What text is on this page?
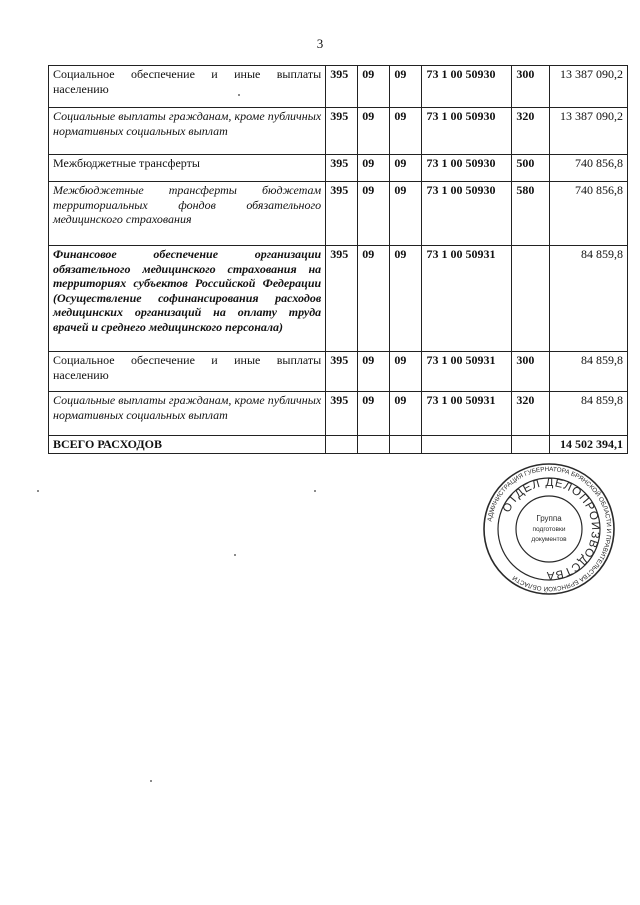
3
Социальное обеспечение и иные выплаты населению	395	09	09	73 1 00 50930	300	13 387 090,2
Социальные выплаты гражданам, кроме публичных нормативных социальных выплат	395	09	09	73 1 00 50930	320	13 387 090,2
Межбюджетные трансферты	395	09	09	73 1 00 50930	500	740 856,8
Межбюджетные трансферты бюджетам территориальных фондов обязательного медицинского страхования	395	09	09	73 1 00 50930	580	740 856,8
Финансовое обеспечение организации обязательного медицинского страхования на территориях субъектов Российской Федерации (Осуществление софинансирования расходов медицинских организаций на оплату труда врачей и среднего медицинского персонала)	395	09	09	73 1 00 50931		84 859,8
Социальное обеспечение и иные выплаты населению	395	09	09	73 1 00 50931	300	84 859,8
Социальные выплаты гражданам, кроме публичных нормативных социальных выплат	395	09	09	73 1 00 50931	320	84 859,8
ВСЕГО РАСХОДОВ						14 502 394,1
АДМИНИСТРАЦИЯ ГУБЕРНАТОРА БРЯНСКОЙ ОБЛАСТИ И ПРАВИТЕЛЬСТВА БРЯНСКОЙ ОБЛАСТИ
ОТДЕЛ ДЕЛОПРОИЗВОДСТВА
Группа
подготовки
документов
